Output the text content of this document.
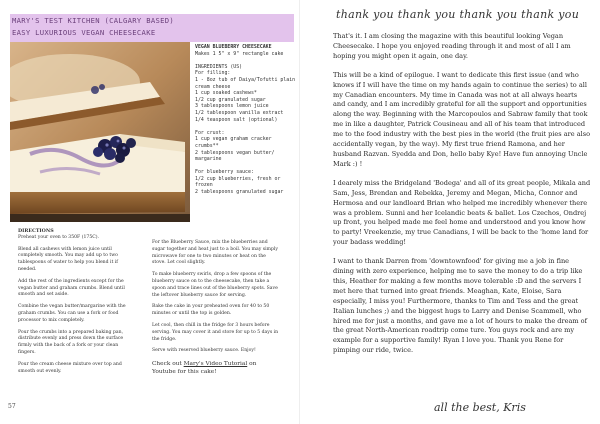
MARY'S TEST KITCHEN (CALGARY BASED)
EASY LUXURIOUS VEGAN CHEESECAKE
VEGAN BLUEBERRY CHEESECAKE
Makes 1 5" x 9" rectangle cake
INGREDIENTS (US)
For filling:
1 - 8oz tub of Daiya/Tofutti plain cream cheese
1 cup soaked cashews*
1/2 cup granulated sugar
3 tablespoons lemon juice
1/2 tablespoon vanilla extract
1/4 teaspoon salt (optional)
For crust:
1 cup vegan graham cracker crumbs**
2 tablespoons vegan butter/ margarine
For blueberry sauce:
1/2 cup blueberries, fresh or frozen
2 tablespoons granulated sugar
DIRECTIONS

Preheat your oven to 350F (175C).

Blend all cashews with lemon juice until completely smooth. You may add up to two tablespoons of water to help you blend it if needed.

Add the rest of the ingredients except for the vegan butter and graham crumbs. Blend until smooth and set aside.

Combine the vegan butter/margarine with the graham crumbs. You can use a fork or food processor to mix completely.

Pour the crumbs into a prepared baking pan, distribute evenly and press down the surface firmly with the back of a fork or your clean fingers.

Pour the cream cheese mixture over top and smooth out evenly.

For the Blueberry Sauce, mix the blueberries and sugar together and heat just to a boil. You may simply microwave for one to two minutes or heat on the stove. Let cool slightly.

To make blueberry swirls, drop a few spoons of the blueberry sauce on to the cheesecake, then take a spoon and trace lines out of the blueberry spots. Save the leftover blueberry sauce for serving.

Bake the cake in your preheated oven for 40 to 50 minutes or until the top is golden.

Let cool, then chill in the fridge for 3 hours before serving. You may cover it and store for up to 5 days in the fridge.

Serve with reserved blueberry sauce. Enjoy!

Check out Mary's Video Tutorial on Youtube for this cake!
57
thank you thank you thank you thank you

That's it. I am closing the magazine with this beautiful looking Vegan Cheesecake. I hope you enjoyed reading through it and most of all I am hoping you might open it again, one day.

This will be a kind of epilogue. I want to dedicate this first issue (and who knows if I will have the time on my hands again to continue the series) to all my Canadian encounters. My time in Canada was not at all always hearts and candy, and I am incredibly grateful for all the support and opportunities along the way. Beginning with the Marcopoulos and Sabraw family that took me in like a daughter, Patrick Cousineau and all of his team that introduced me to the food industry with the best pies in the world (the fruit pies are also accidentally vegan, by the way). My first true friend Ramona, and her husband Razvan. Syedda and Don, hello baby Kye! Have fun annoying Uncle Mark :) !

I dearely miss the Bridgeland 'Bodega' and all of its great people, Mikala and Sam, Jess, Brendan and Rebekka, Jeremy and Megan, Micha, Connor and Hermosa and our landloard Brian who helped me incredibly whenever there was a problem. Sunni and her Icelandic beats & ballet. Los Czechos, Ondrej up front, you helped made me feel home and understood and you know how to party! Vreekenzie, my true Canadians, I will be back to the 'home land for your badass wedding!

I want to thank Darren from 'downtownfood' for giving me a job in fine dining with zero experience, helping me to save the money to do a trip like this, Heather for making a few months move tolerable :D and the servers I met here that turned into great friends. Meaghan, Kate, Eloise, Sara especially, I miss you! Furthermore, thanks to Tim and Tess and the great Italian lunches ;) and the biggest hugs to Larry and Denise Scammell, who hired me for just a months, and gave me a lot of hours to make the dream of the great North-American roadtrip come ture. You guys rock and are my example for a supportive family! Ryan I love you. Thank you Rene for pimping our ride, twice.

all the best, Kris
